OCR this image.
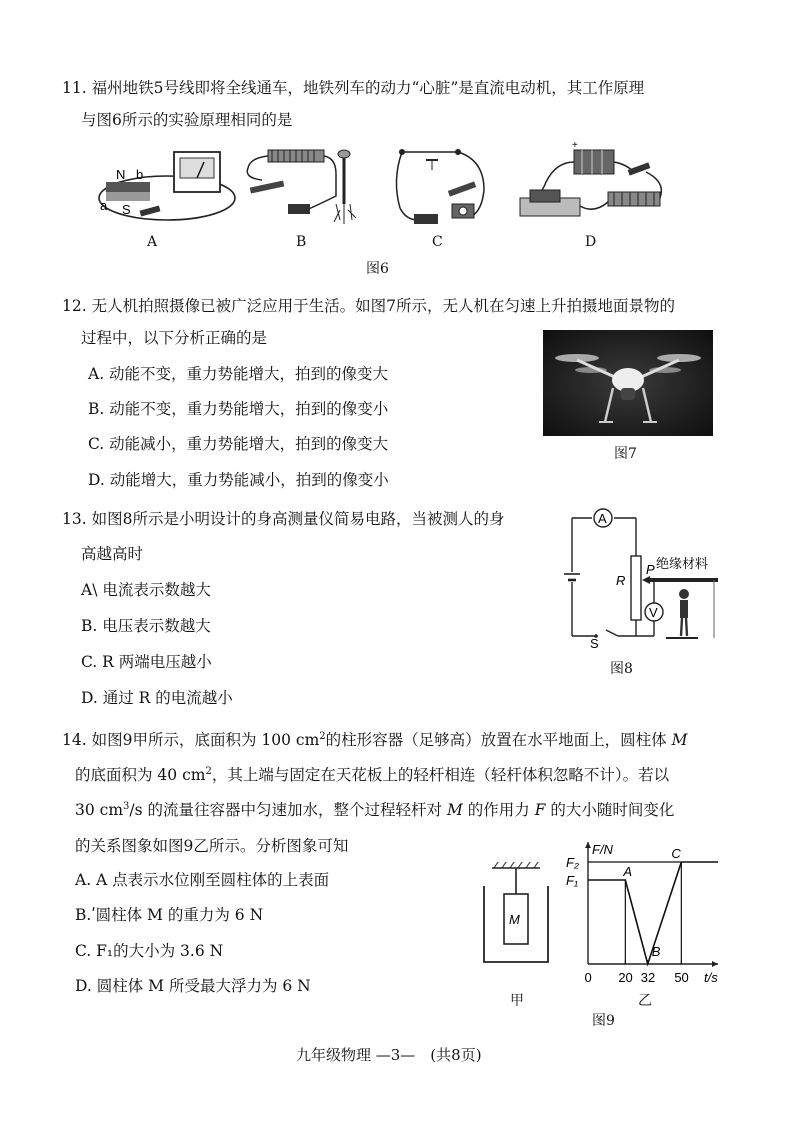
11. 福州地铁5号线即将全线通车，地铁列车的动力“心脏”是直流电动机，其工作原理
与图6所示的实验原理相同的是
N b
a S
A	B	C
+
D
图6
12. 无人机拍照摄像已被广泛应用于生活。如图7所示，无人机在匀速上升拍摄地面景物的
过程中，以下分析正确的是
A. 动能不变，重力势能增大，拍到的像变大
B. 动能不变，重力势能增大，拍到的像变小
C. 动能减小，重力势能增大，拍到的像变大
D. 动能增大，重力势能减小，拍到的像变小
图7
13. 如图8所示是小明设计的身高测量仪简易电路，当被测人的身
高越高时
A\ 电流表示数越大
B. 电压表示数越大
C. R 两端电压越小
D. 通过 R 的电流越小
A
R
P 绝缘材料
V
S
图8
14. 如图9甲所示，底面积为 100 $cm^2$的柱形容器（足够高）放置在水平地面上，圆柱体 M
的底面积为 40 $cm^2$，其上端与固定在天花板上的轻杆相连（轻杆体积忽略不计）。若以
30 $cm^3/s$ 的流量往容器中匀速加水，整个过程轻杆对 M 的作用力 F 的大小随时间变化
的关系图象如图9乙所示。分析图象可知
A. A 点表示水位刚至圆柱体的上表面
B.ʹ圆柱体 M 的重力为 6 N
C. F₁的大小为 3.6 N
D. 圆柱体 M 所受最大浮力为 6 N
M
甲
F/N
t/s
0 20 32 50
F₁
F₂
A
B
C
乙
图9
九年级物理 —3—　(共8页)
